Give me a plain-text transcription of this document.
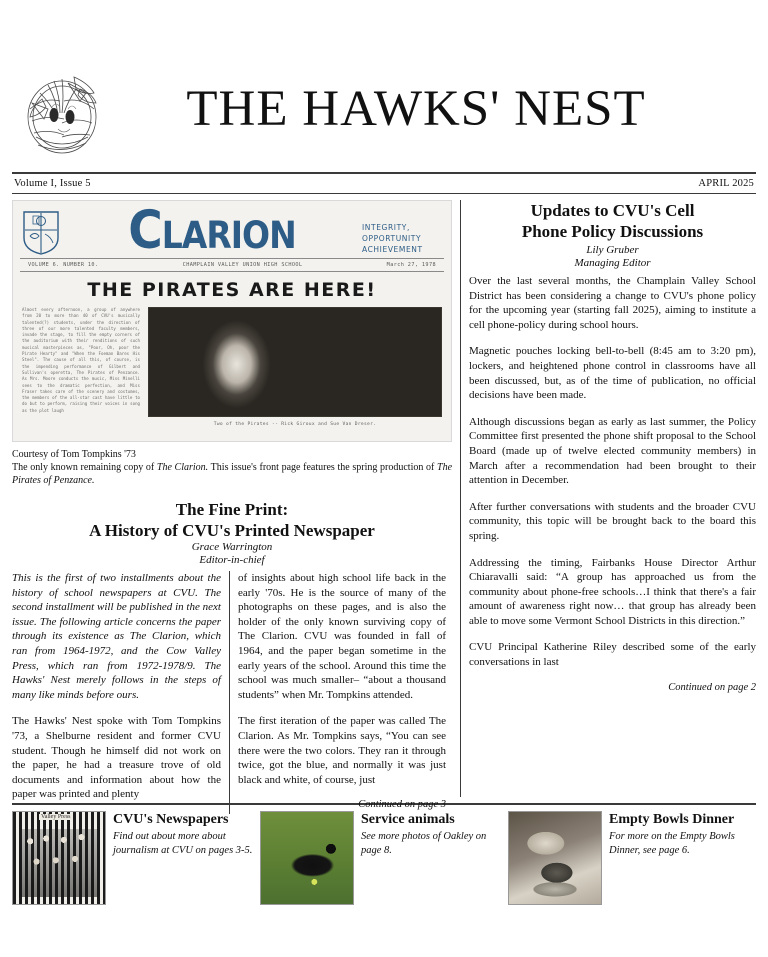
THE HAWKS' NEST
Volume I, Issue 5	APRIL 2025
Clarion	INTEGRITY,
OPPORTUNITY
ACHIEVEMENT
VOLUME 6. NUMBER 10.	CHAMPLAIN VALLEY UNION HIGH SCHOOL	March 27, 1978
THE PIRATES ARE HERE!
Almost every afternoon, a group of anywhere from 20 to more than 40 of CVU's musically talented(?) students, under the direction of three of our more talented faculty members, invade the stage, to fill the empty corners of the auditorium with their renditions of such musical masterpieces as, "Poor, Oh, poor the Pirate Hearty" and "When the Foeman Bares His Steel". The cause of all this, of course, is the impending performance of Gilbert and Sullivan's operetta, The Pirates of Penzance. As Mrs. Moore conducts the music, Miss Minelli sees to the dramatic perfection, and Miss Fraser takes care of the scenery and costumes, the members of the all-star cast have little to do but to perform, raising their voices in song as the plot laugh
Two of the Pirates -- Rick Giroux and Sue Van Dreser.
Courtesy of Tom Tompkins '73
The only known remaining copy of The Clarion. This issue's front page features the spring production of The Pirates of Penzance.
The Fine Print:
A History of CVU's Printed Newspaper
Grace Warrington
Editor-in-chief

This is the first of two installments about the history of school newspapers at CVU. The second installment will be published in the next issue. The following article concerns the paper through its existence as The Clarion, which ran from 1964-1972, and the Cow Valley Press, which ran from 1972-1978/9. The Hawks' Nest merely follows in the steps of many like minds before ours.

The Hawks' Nest spoke with Tom Tompkins '73, a Shelburne resident and former CVU student. Though he himself did not work on the paper, he had a treasure trove of old documents and information about how the paper was printed and plenty

of insights about high school life back in the early '70s. He is the source of many of the photographs on these pages, and is also the holder of the only known surviving copy of The Clarion. CVU was founded in fall of 1964, and the paper began sometime in the early years of the school. Around this time the school was much smaller– “about a thousand students” when Mr. Tompkins attended.

The first iteration of the paper was called The Clarion. As Mr. Tompkins says, “You can see there were the two colors. They ran it through twice, got the blue, and normally it was just black and white, of course, just

Continued on page 3

Updates to CVU's Cell
Phone Policy Discussions
Lily Gruber
Managing Editor

Over the last several months, the Champlain Valley School District has been considering a change to CVU's phone policy for the upcoming year (starting fall 2025), aiming to institute a cell phone-policy during school hours.

Magnetic pouches locking bell-to-bell (8:45 am to 3:20 pm), lockers, and heightened phone control in classrooms have all been discussed, but, as of the time of publication, no official decisions have been made.

Although discussions began as early as last summer, the Policy Committee first presented the phone shift proposal to the School Board (made up of twelve elected community members) in March after a recommendation had been brought to their attention in December.

After further conversations with students and the broader CVU community, this topic will be brought back to the board this spring.

Addressing the timing, Fairbanks House Director Arthur Chiaravalli said: “A group has approached us from the community about phone-free schools…I think that there's a fair amount of awareness right now… that group has already been able to move some Vermont School Districts in this direction.”

CVU Principal Katherine Riley described some of the early conversations in last

Continued on page 2

Valley Press	CVU's Newspapers
Find out about more about journalism at CVU on pages 3-5.
Service animals
See more photos of Oakley on page 8.
Empty Bowls Dinner
For more on the Empty Bowls Dinner, see page 6.
